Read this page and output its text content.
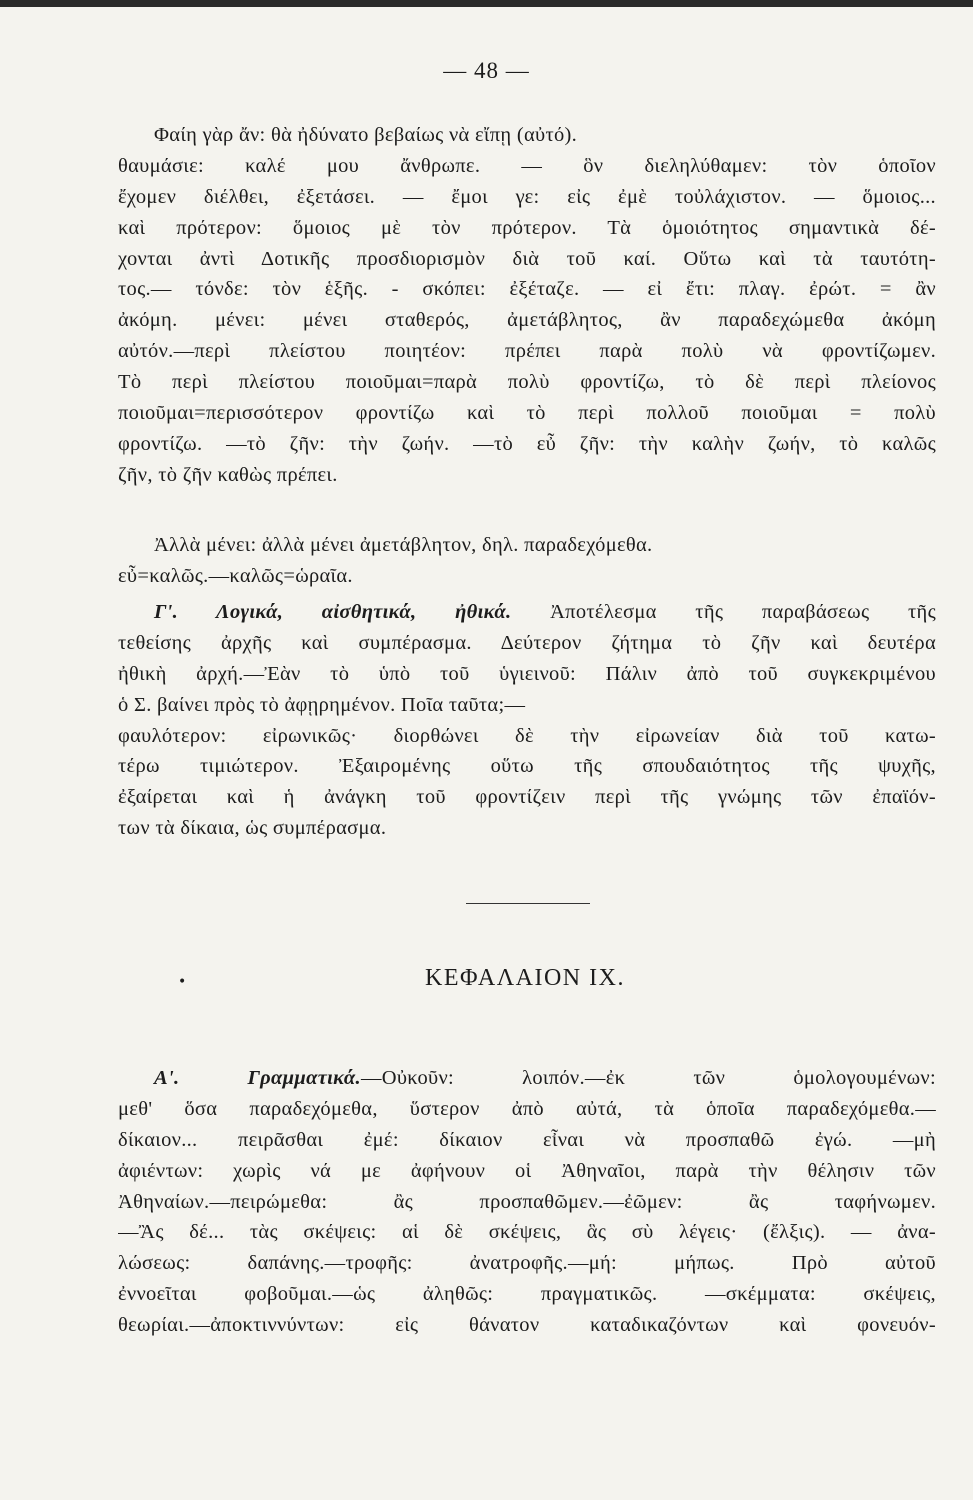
— 48 —
Φαίη γὰρ ἄν: θὰ ἠδύνατο βεβαίως νὰ εἴπῃ (αὐτό).
θαυμάσιε: καλέ μου ἄνθρωπε. — ὃν διεληλύθαμεν: τὸν ὁποῖον
ἔχομεν διέλθει, ἐξετάσει. — ἔμοι γε: εἰς ἐμὲ τοὐλάχιστον. — ὅμοιος...
καὶ πρότερον: ὅμοιος μὲ τὸν πρότερον. Τὰ ὁμοιότητος σημαντικὰ δέ-
χονται ἀντὶ Δοτικῆς προσδιορισμὸν διὰ τοῦ καί. Οὕτω καὶ τὰ ταυτότη-
τος.— τόνδε: τὸν ἑξῆς. - σκόπει: ἐξέταζε. — εἰ ἔτι: πλαγ. ἐρώτ. = ἂν
ἀκόμη. μένει: μένει σταθερός, ἀμετάβλητος, ἂν παραδεχώμεθα ἀκόμη
αὐτόν.—περὶ πλείστου ποιητέον: πρέπει παρὰ πολὺ νὰ φροντίζωμεν.
Τὸ περὶ πλείστου ποιοῦμαι=παρὰ πολὺ φροντίζω, τὸ δὲ περὶ πλείονος
ποιοῦμαι=περισσότερον φροντίζω καὶ τὸ περὶ πολλοῦ ποιοῦμαι = πολὺ
φροντίζω. —τὸ ζῆν: τὴν ζωήν. —τὸ εὖ ζῆν: τὴν καλὴν ζωήν, τὸ καλῶς
ζῆν, τὸ ζῆν καθὼς πρέπει.
Ἀλλὰ μένει: ἀλλὰ μένει ἀμετάβλητον, δηλ. παραδεχόμεθα.
εὖ=καλῶς.—καλῶς=ὡραῖα.
Γ'. Λογικά, αἰσθητικά, ἠθικά. Ἀποτέλεσμα τῆς παραβάσεως τῆς
τεθείσης ἀρχῆς καὶ συμπέρασμα. Δεύτερον ζήτημα τὸ ζῆν καὶ δευτέρα
ἠθικὴ ἀρχή.—Ἐὰν τὸ ὑπὸ τοῦ ὑγιεινοῦ: Πάλιν ἀπὸ τοῦ συγκεκριμένου
ὁ Σ. βαίνει πρὸς τὸ ἀφῃρημένον. Ποῖα ταῦτα;—
φαυλότερον: εἰρωνικῶς· διορθώνει δὲ τὴν εἰρωνείαν διὰ τοῦ κατω-
τέρω τιμιώτερον. Ἐξαιρομένης οὕτω τῆς σπουδαιότητος τῆς ψυχῆς,
ἐξαίρεται καὶ ἡ ἀνάγκη τοῦ φροντίζειν περὶ τῆς γνώμης τῶν ἐπαϊόν-
των τὰ δίκαια, ὡς συμπέρασμα.
•	ΚΕΦΑΛΑΙΟΝ IX.
Α'. Γραμματικά.—Οὐκοῦν: λοιπόν.—ἐκ τῶν ὁμολογουμένων:
μεθ' ὅσα παραδεχόμεθα, ὕστερον ἀπὸ αὐτά, τὰ ὁποῖα παραδεχόμεθα.—
δίκαιον... πειρᾶσθαι ἐμέ: δίκαιον εἶναι νὰ προσπαθῶ ἐγώ. —μὴ
ἀφιέντων: χωρὶς νά με ἀφήνουν οἱ Ἀθηναῖοι, παρὰ τὴν θέλησιν τῶν
Ἀθηναίων.—πειρώμεθα: ἂς προσπαθῶμεν.—ἐῶμεν: ἂς ταφήνωμεν.
—Ἂς δέ... τὰς σκέψεις: αἱ δὲ σκέψεις, ἃς σὺ λέγεις· (ἔλξις). — ἀνα-
λώσεως: δαπάνης.—τροφῆς: ἀνατροφῆς.—μή: μήπως. Πρὸ αὐτοῦ
ἐννοεῖται φοβοῦμαι.—ὡς ἀληθῶς: πραγματικῶς. —σκέμματα: σκέψεις,
θεωρίαι.—ἀποκτιννύντων: εἰς θάνατον καταδικαζόντων καὶ φονευόν-
